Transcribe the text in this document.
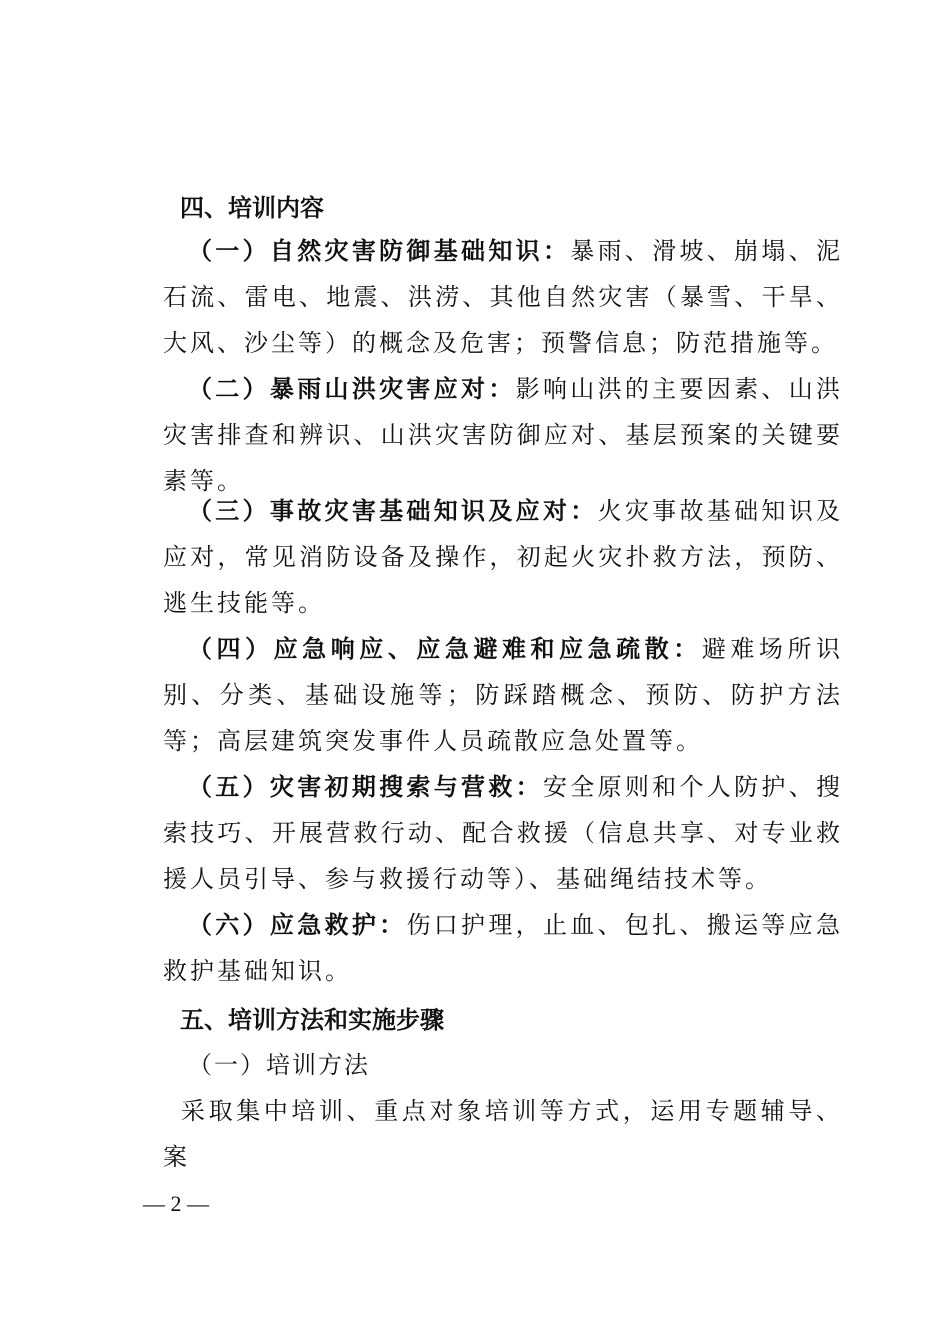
四、培训内容
（一）自然灾害防御基础知识：暴雨、滑坡、崩塌、泥石流、雷电、地震、洪涝、其他自然灾害（暴雪、干旱、大风、沙尘等）的概念及危害；预警信息；防范措施等。
（二）暴雨山洪灾害应对：影响山洪的主要因素、山洪灾害排查和辨识、山洪灾害防御应对、基层预案的关键要素等。
（三）事故灾害基础知识及应对：火灾事故基础知识及应对，常见消防设备及操作，初起火灾扑救方法，预防、逃生技能等。
（四）应急响应、应急避难和应急疏散：避难场所识别、分类、基础设施等；防踩踏概念、预防、防护方法等；高层建筑突发事件人员疏散应急处置等。
（五）灾害初期搜索与营救：安全原则和个人防护、搜索技巧、开展营救行动、配合救援（信息共享、对专业救援人员引导、参与救援行动等）、基础绳结技术等。
（六）应急救护：伤口护理，止血、包扎、搬运等应急救护基础知识。
五、培训方法和实施步骤
（一）培训方法
采取集中培训、重点对象培训等方式，运用专题辅导、案
— 2 —
